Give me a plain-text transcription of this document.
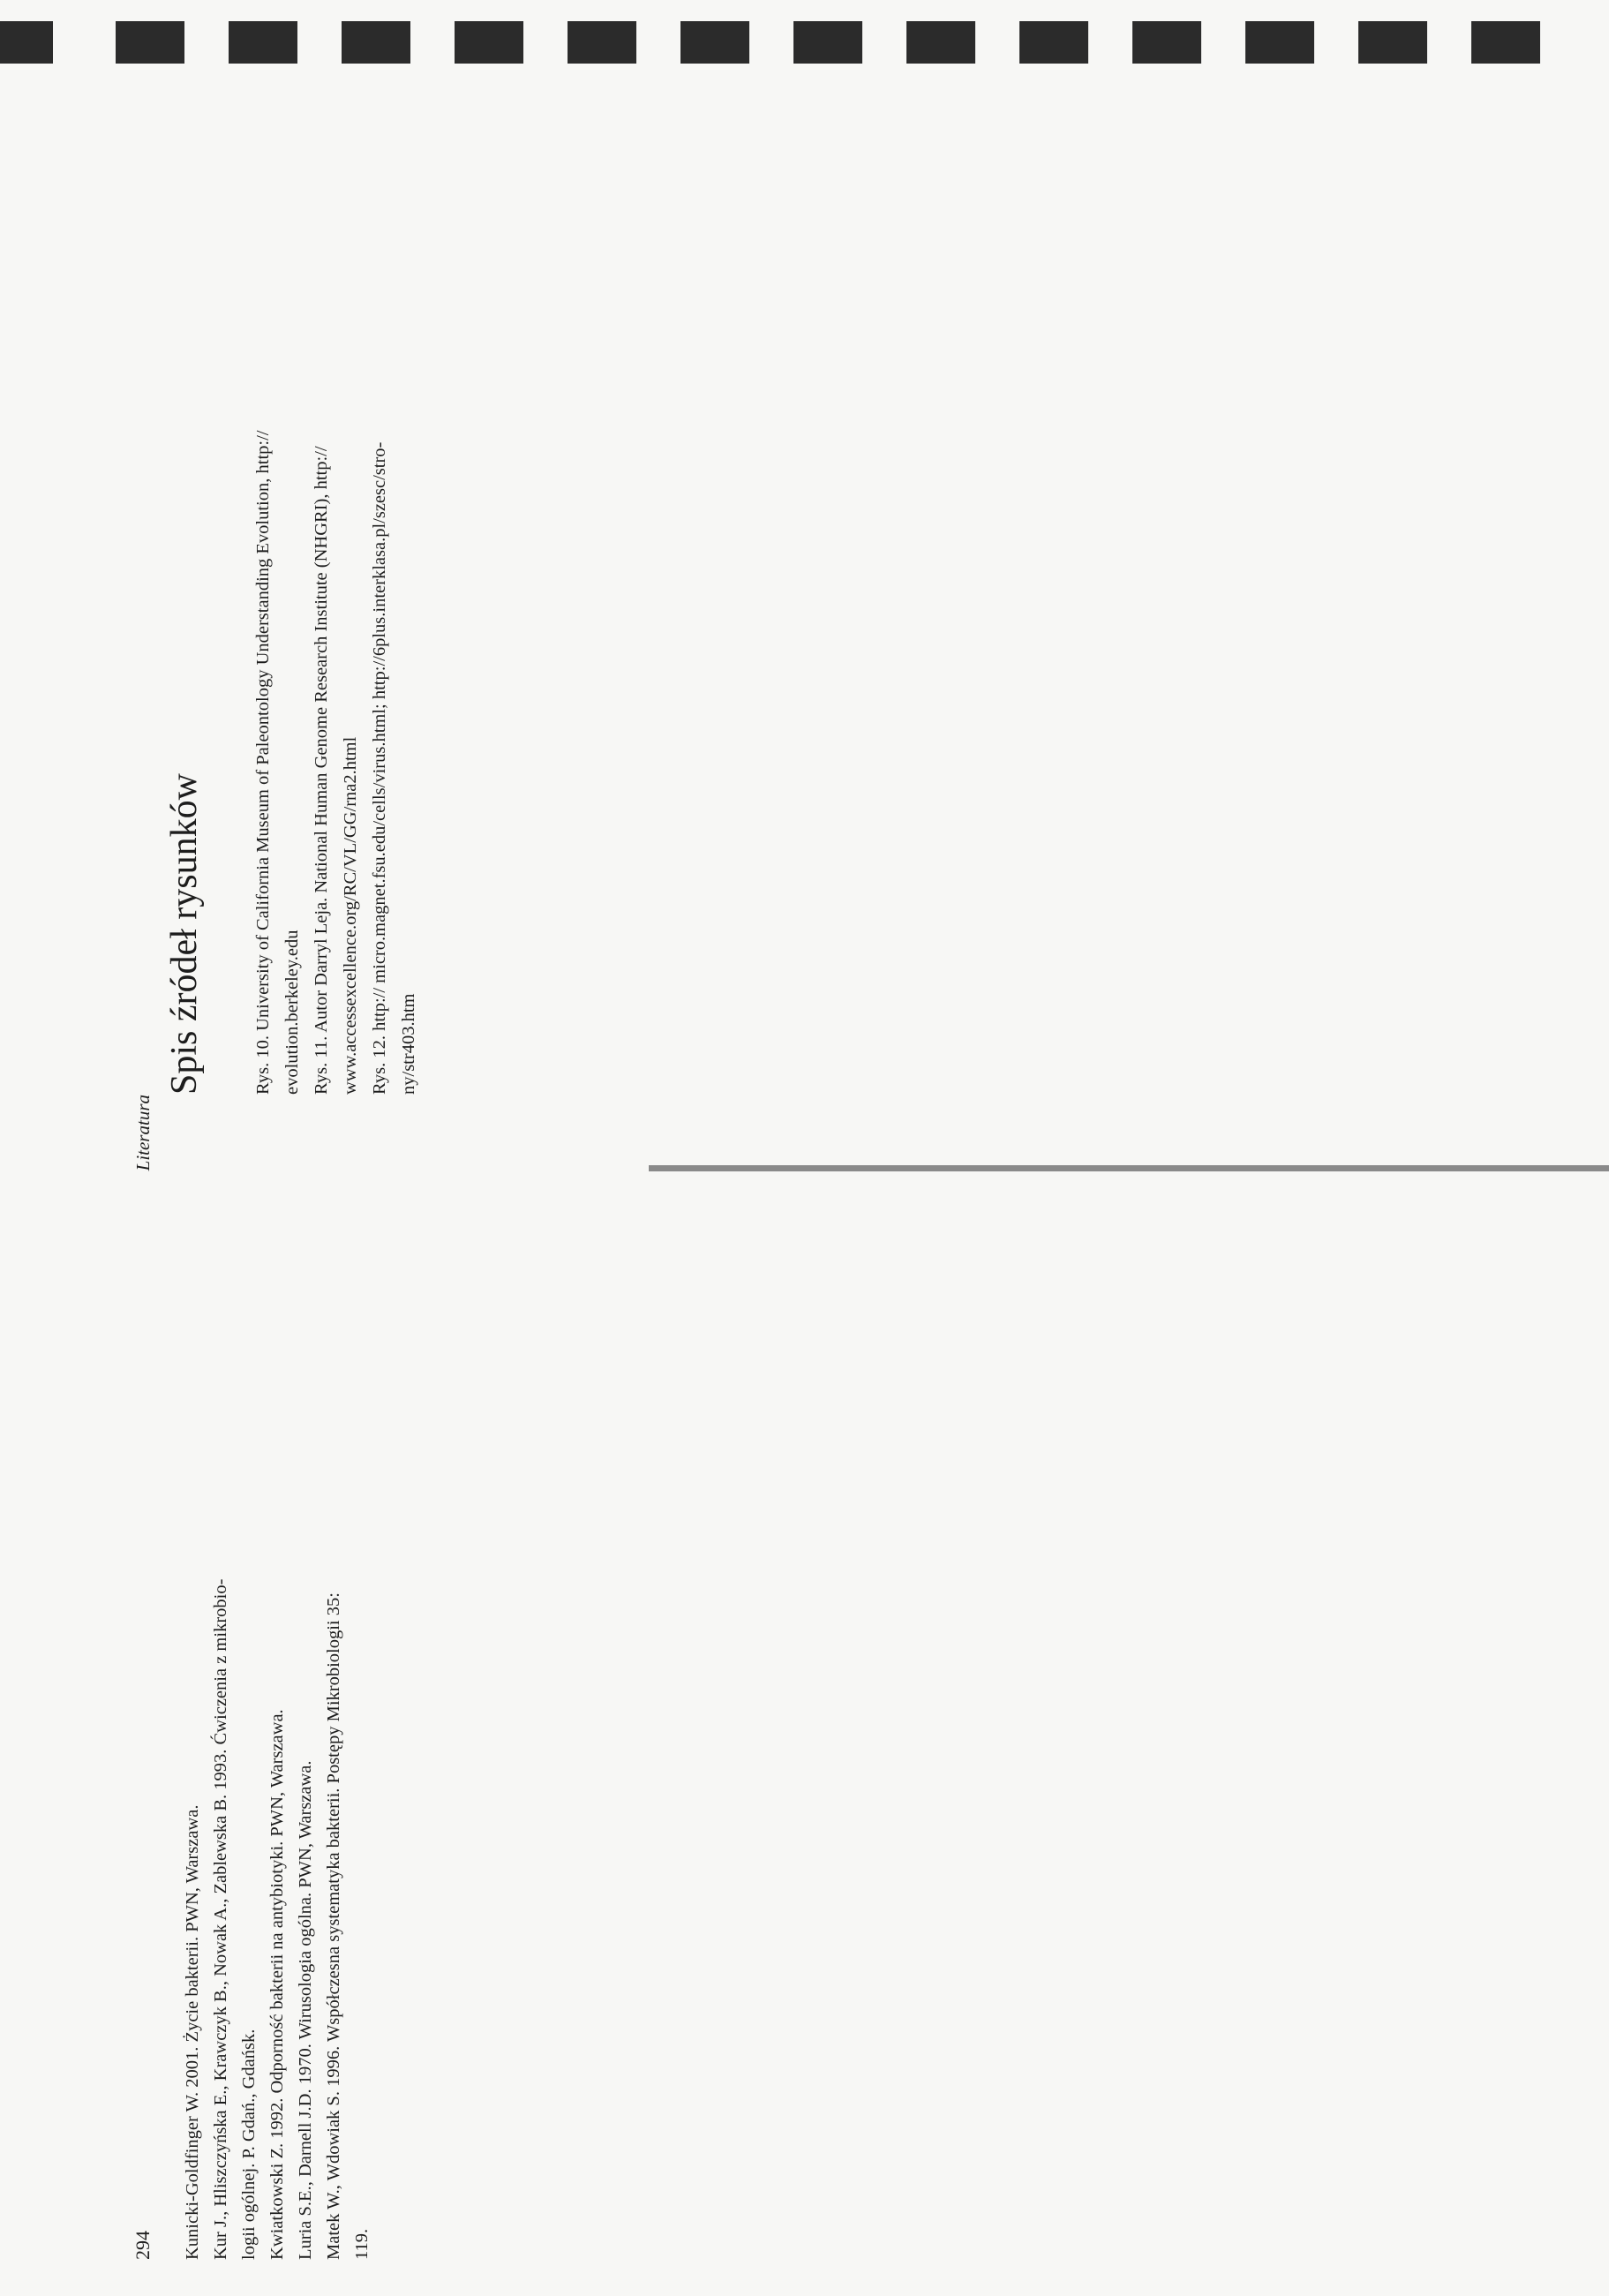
294
Literatura
Kunicki-Goldfinger W. 2001. Życie bakterii. PWN, Warszawa. Kur J., Hliszczyńska E., Krawczyk B., Nowak A., Zablewska B. 1993. Ćwiczenia z mikrobio- logii ogólnej. P. Gdań., Gdańsk. Kwiatkowski Z. 1992. Odporność bakterii na antybiotyki. PWN, Warszawa. Luria S.E., Darnell J.D. 1970. Wirusologia ogólna. PWN, Warszawa. Matek W., Wdowiak S. 1996. Współczesna systematyka bakterii. Postępy Mikrobiologii 35: 119.
Spis źródeł rysunków	Rys. 10. University of California Museum of Paleontology Understanding Evolution, http:// evolution.berkeley.edu Rys. 11. Autor Darryl Leja. National Human Genome Research Institute (NHGRI), http:// www.accessexcellence.org/RC/VL/GG/rna2.html Rys. 12. http:// micro.magnet.fsu.edu/cells/virus.html; http://6plus.interklasa.pl/szesc/stro- ny/str403.htm
